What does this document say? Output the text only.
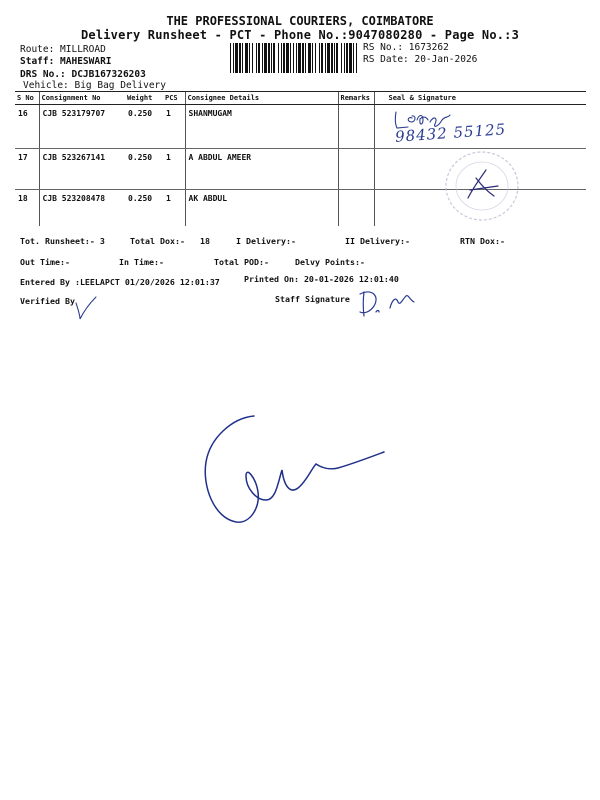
THE PROFESSIONAL COURIERS, COIMBATORE
Delivery Runsheet - PCT - Phone No.:9047080280 - Page No.:3
Route: MILLROAD
Staff: MAHESWARI
DRS No.: DCJB167326203
Vehicle: Big Bag Delivery
RS No.: 1673262
RS Date: 20-Jan-2026
S No	Consignment No	Weight	PCS	Consignee Details	Remarks	Seal & Signature
16	CJB 523179707	0.250	1	SHANMUGAM		
17	CJB 523267141	0.250	1	A ABDUL AMEER		
18	CJB 523208478	0.250	1	AK ABDUL		
98432 55125
Tot. Runsheet:- 3	Total Dox:- 18	I Delivery:-	II Delivery:-	RTN Dox:-
Out Time:-	In Time:-	Total POD:-	Delvy Points:-
Entered By :LEELAPCT 01/20/2026 12:01:37	Printed On: 20-01-2026 12:01:40
Verified By	Staff Signature
